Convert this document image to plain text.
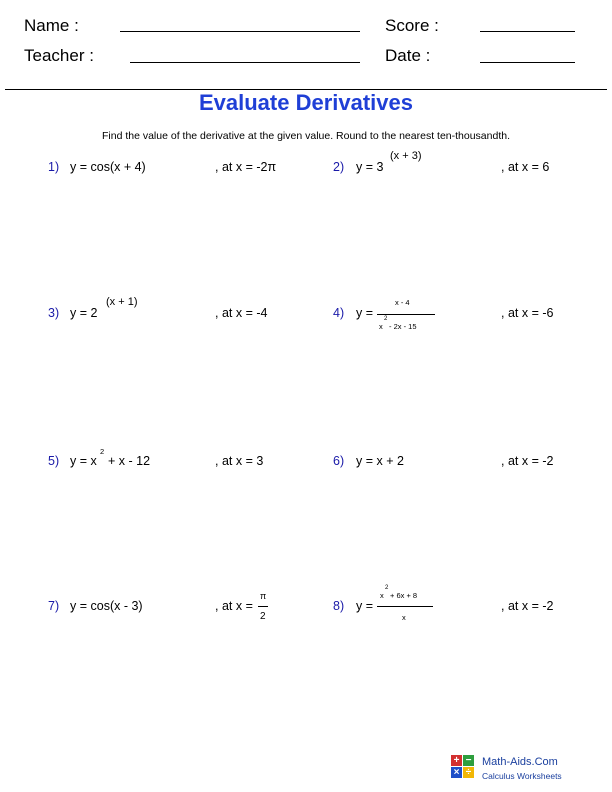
Name :	Score :
Teacher :	Date :
Evaluate Derivatives
Find the value of the derivative at the given value. Round to the nearest ten-thousandth.
1) y = cos(x + 4)	, at x = -2π	2) y = 3
(x + 3)
, at x = 6
3) y = 2
(x + 1)
, at x = -4	4) y =
x - 4
x
2
- 2x - 15
, at x = -6
5) y = x
2
+ x - 12	, at x = 3	6) y = x + 2	, at x = -2
7) y = cos(x - 3)	, at x =
π
2
8) y =
x
2
+ 6x + 8
x
, at x = -2
+ −
× ÷
Math-Aids.Com
Calculus Worksheets
